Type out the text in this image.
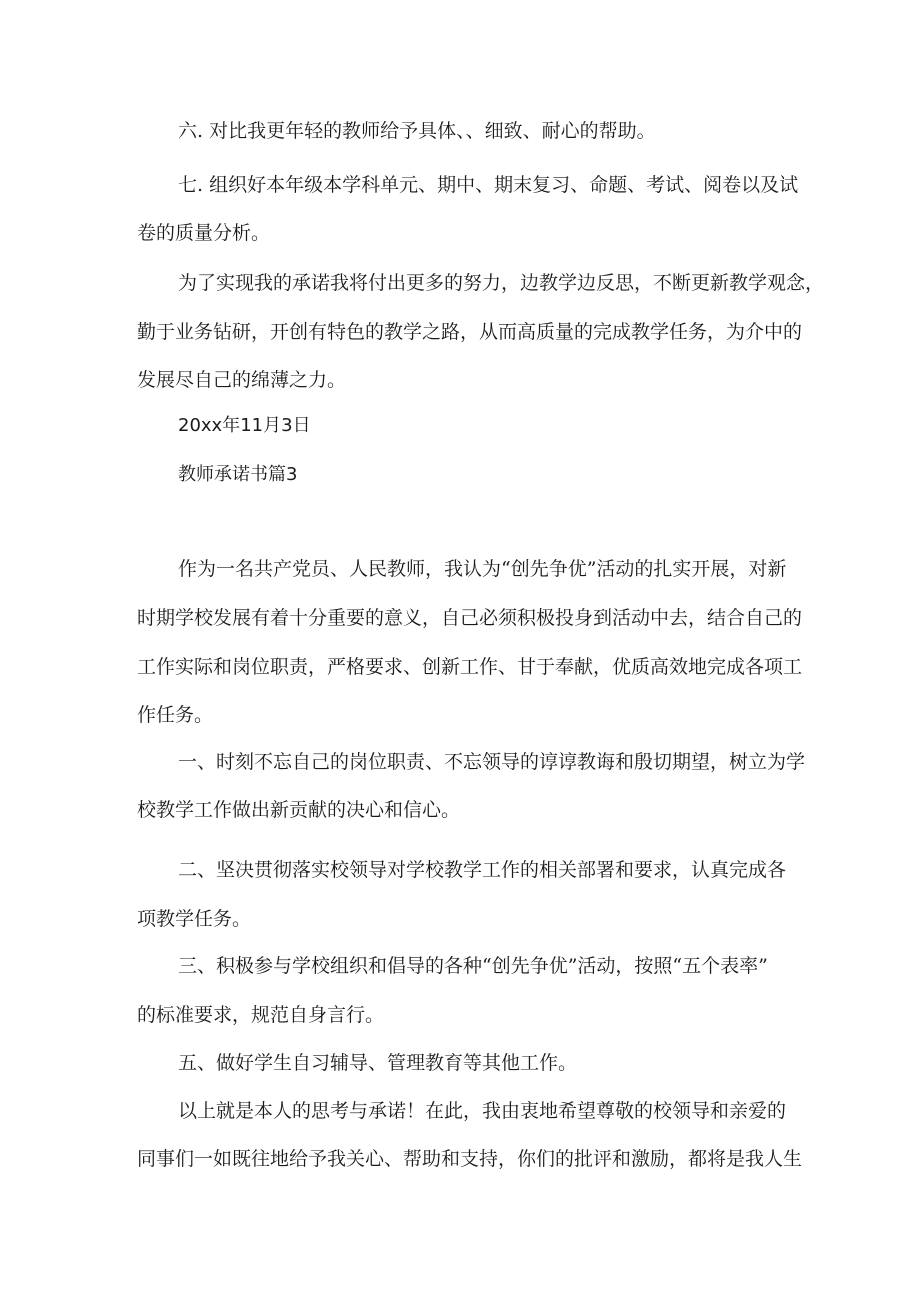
六. 对比我更年轻的教师给予具体、、细致、耐心的帮助。

七. 组织好本年级本学科单元、期中、期末复习、命题、考试、阅卷以及试

卷的质量分析。

为了实现我的承诺我将付出更多的努力，边教学边反思，不断更新教学观念，

勤于业务钻研，开创有特色的教学之路，从而高质量的完成教学任务，为介中的

发展尽自己的绵薄之力。

20xx年11月3日

教师承诺书篇3

作为一名共产党员、人民教师，我认为“创先争优”活动的扎实开展，对新

时期学校发展有着十分重要的意义，自己必须积极投身到活动中去，结合自己的

工作实际和岗位职责，严格要求、创新工作、甘于奉献，优质高效地完成各项工

作任务。

一、时刻不忘自己的岗位职责、不忘领导的谆谆教诲和殷切期望，树立为学

校教学工作做出新贡献的决心和信心。

二、坚决贯彻落实校领导对学校教学工作的相关部署和要求，认真完成各

项教学任务。

三、积极参与学校组织和倡导的各种“创先争优”活动，按照“五个表率”

的标准要求，规范自身言行。

五、做好学生自习辅导、管理教育等其他工作。

以上就是本人的思考与承诺！在此，我由衷地希望尊敬的校领导和亲爱的

同事们一如既往地给予我关心、帮助和支持，你们的批评和激励，都将是我人生
